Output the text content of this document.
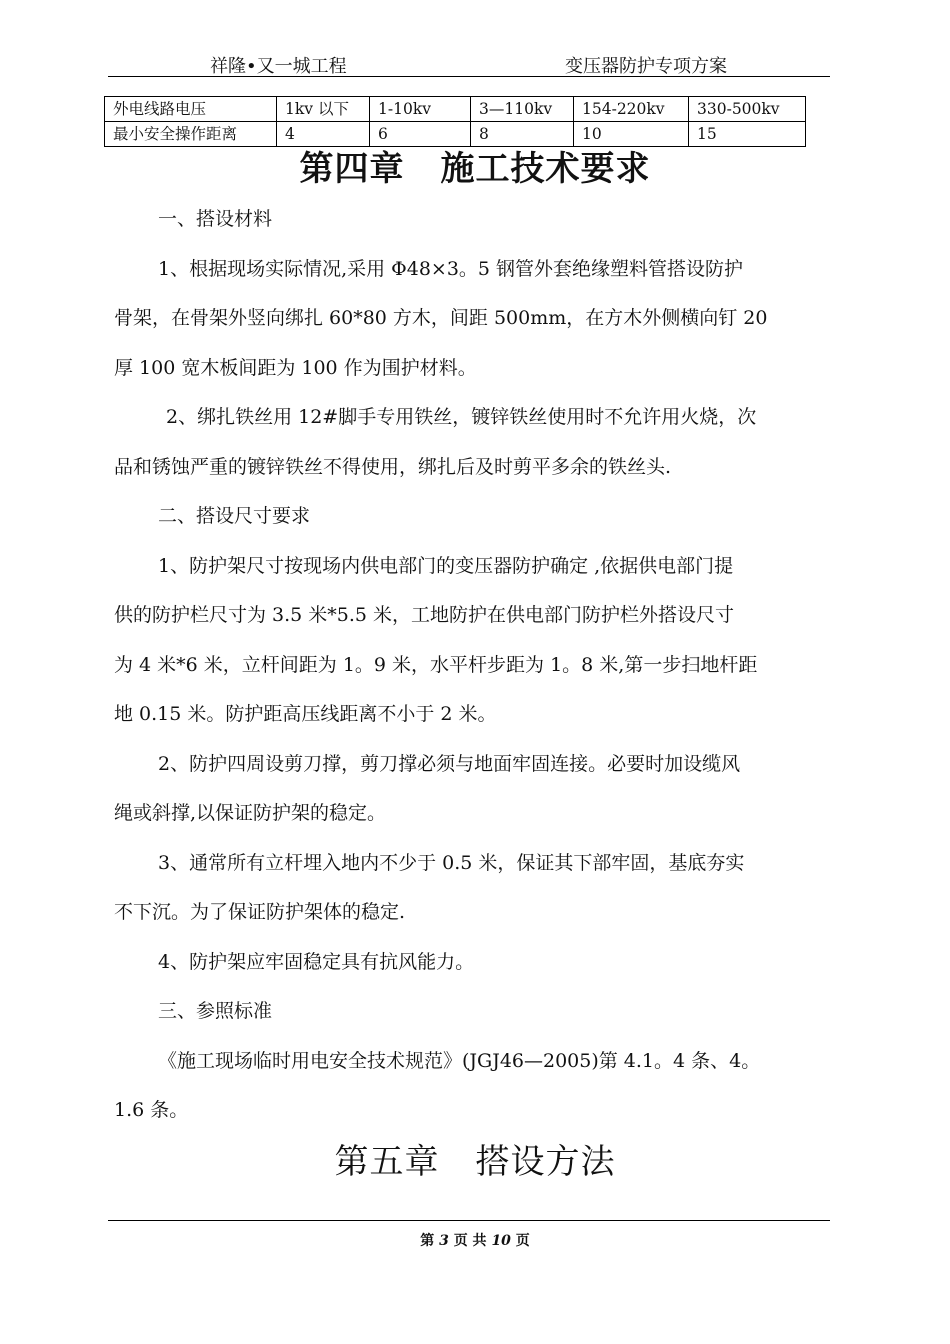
祥隆•又一城工程	变压器防护专项方案
外电线路电压	1kv 以下	1-10kv	3—110kv	154-220kv	330-500kv
最小安全操作距离	4	6	8	10	15
第四章 施工技术要求
一、搭设材料
1、根据现场实际情况,采用 Φ48×3。5 钢管外套绝缘塑料管搭设防护
骨架，在骨架外竖向绑扎 60*80 方木，间距 500mm，在方木外侧横向钉 20
厚 100 宽木板间距为 100 作为围护材料。
2、绑扎铁丝用 12#脚手专用铁丝，镀锌铁丝使用时不允许用火烧，次
品和锈蚀严重的镀锌铁丝不得使用，绑扎后及时剪平多余的铁丝头.
二、搭设尺寸要求
1、防护架尺寸按现场内供电部门的变压器防护确定 ,依据供电部门提
供的防护栏尺寸为 3.5 米*5.5 米，工地防护在供电部门防护栏外搭设尺寸
为 4 米*6 米，立杆间距为 1。9 米，水平杆步距为 1。8 米,第一步扫地杆距
地 0.15 米。防护距高压线距离不小于 2 米。
2、防护四周设剪刀撑，剪刀撑必须与地面牢固连接。必要时加设缆风
绳或斜撑,以保证防护架的稳定。
3、通常所有立杆埋入地内不少于 0.5 米，保证其下部牢固，基底夯实
不下沉。为了保证防护架体的稳定.
4、防护架应牢固稳定具有抗风能力。
三、参照标准
《施工现场临时用电安全技术规范》(JGJ46—2005)第 4.1。4 条、4。
1.6 条。
第五章 搭设方法
第 3 页 共 10 页
